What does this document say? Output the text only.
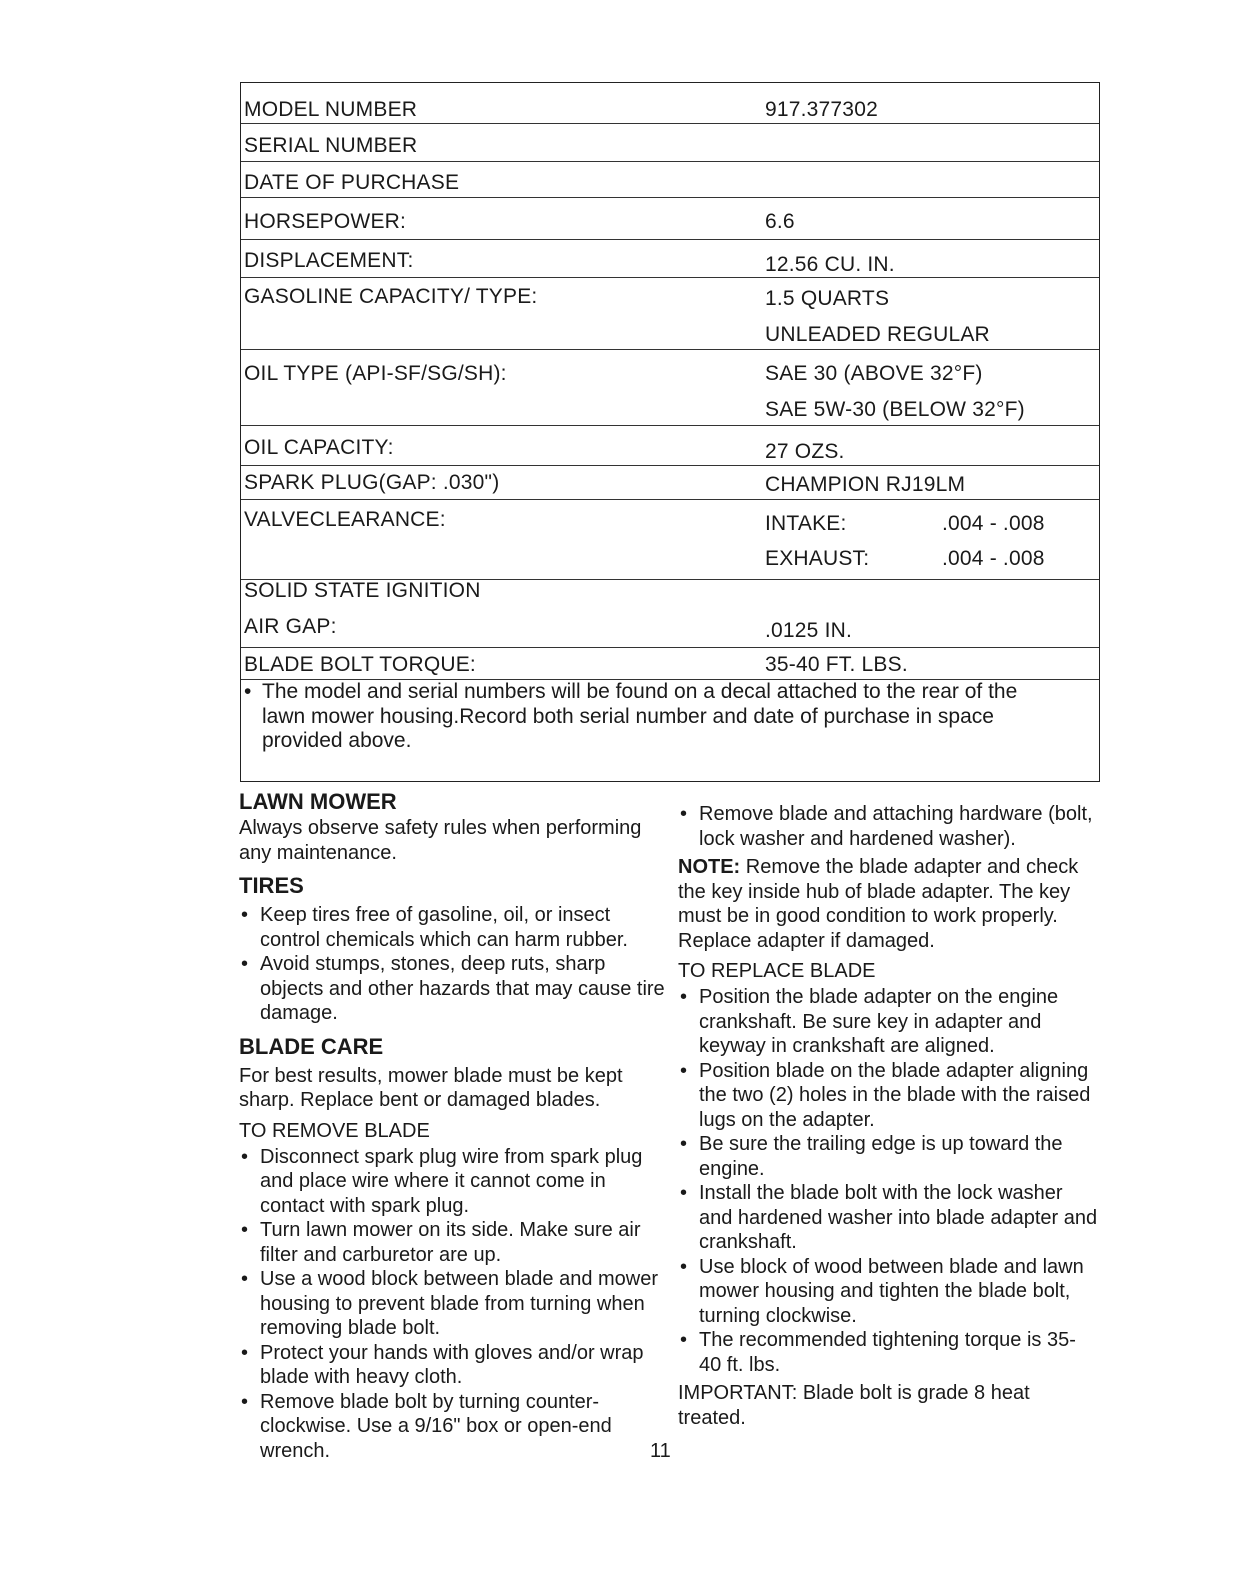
MODEL NUMBER	917.377302
SERIAL NUMBER
DATE OF PURCHASE
HORSEPOWER:	6.6
DISPLACEMENT:	12.56 CU. IN.
GASOLINE CAPACITY/ TYPE:	1.5 QUARTS
UNLEADED REGULAR
OIL TYPE (API-SF/SG/SH):	SAE 30 (ABOVE 32°F)
SAE 5W-30 (BELOW 32°F)
OIL CAPACITY:	27 OZS.
SPARK PLUG(GAP: .030")	CHAMPION RJ19LM
VALVECLEARANCE:	INTAKE:	.004 - .008
EXHAUST:	.004 - .008
SOLID STATE IGNITION
AIR GAP:	.0125 IN.
BLADE BOLT TORQUE:	35-40 FT. LBS.
• The model and serial numbers will be found on a decal attached to the rear of the
lawn mower housing.Record both serial number and date of purchase in space
provided above.
LAWN MOWER

Always observe safety rules when performing any maintenance.

TIRES
• Keep tires free of gasoline, oil, or insect control chemicals which can harm rubber.
• Avoid stumps, stones, deep ruts, sharp objects and other hazards that may cause tire damage.
BLADE CARE

For best results, mower blade must be kept sharp. Replace bent or damaged blades.

TO REMOVE BLADE
• Disconnect spark plug wire from spark plug and place wire where it cannot come in contact with spark plug.
• Turn lawn mower on its side. Make sure air filter and carburetor are up.
• Use a wood block between blade and mower housing to prevent blade from turning when removing blade bolt.
• Protect your hands with gloves and/or wrap blade with heavy cloth.
• Remove blade bolt by turning counter-clockwise. Use a 9/16" box or open-end wrench.
• Remove blade and attaching hardware (bolt, lock washer and hardened washer).

NOTE: Remove the blade adapter and check the key inside hub of blade adapter. The key must be in good condition to work properly. Replace adapter if damaged.

TO REPLACE BLADE
• Position the blade adapter on the engine crankshaft. Be sure key in adapter and keyway in crankshaft are aligned.
• Position blade on the blade adapter aligning the two (2) holes in the blade with the raised lugs on the adapter.
• Be sure the trailing edge is up toward the engine.
• Install the blade bolt with the lock washer and hardened washer into blade adapter and crankshaft.
• Use block of wood between blade and lawn mower housing and tighten the blade bolt, turning clockwise.
• The recommended tightening torque is 35-40 ft. lbs.

IMPORTANT: Blade bolt is grade 8 heat treated.

11
